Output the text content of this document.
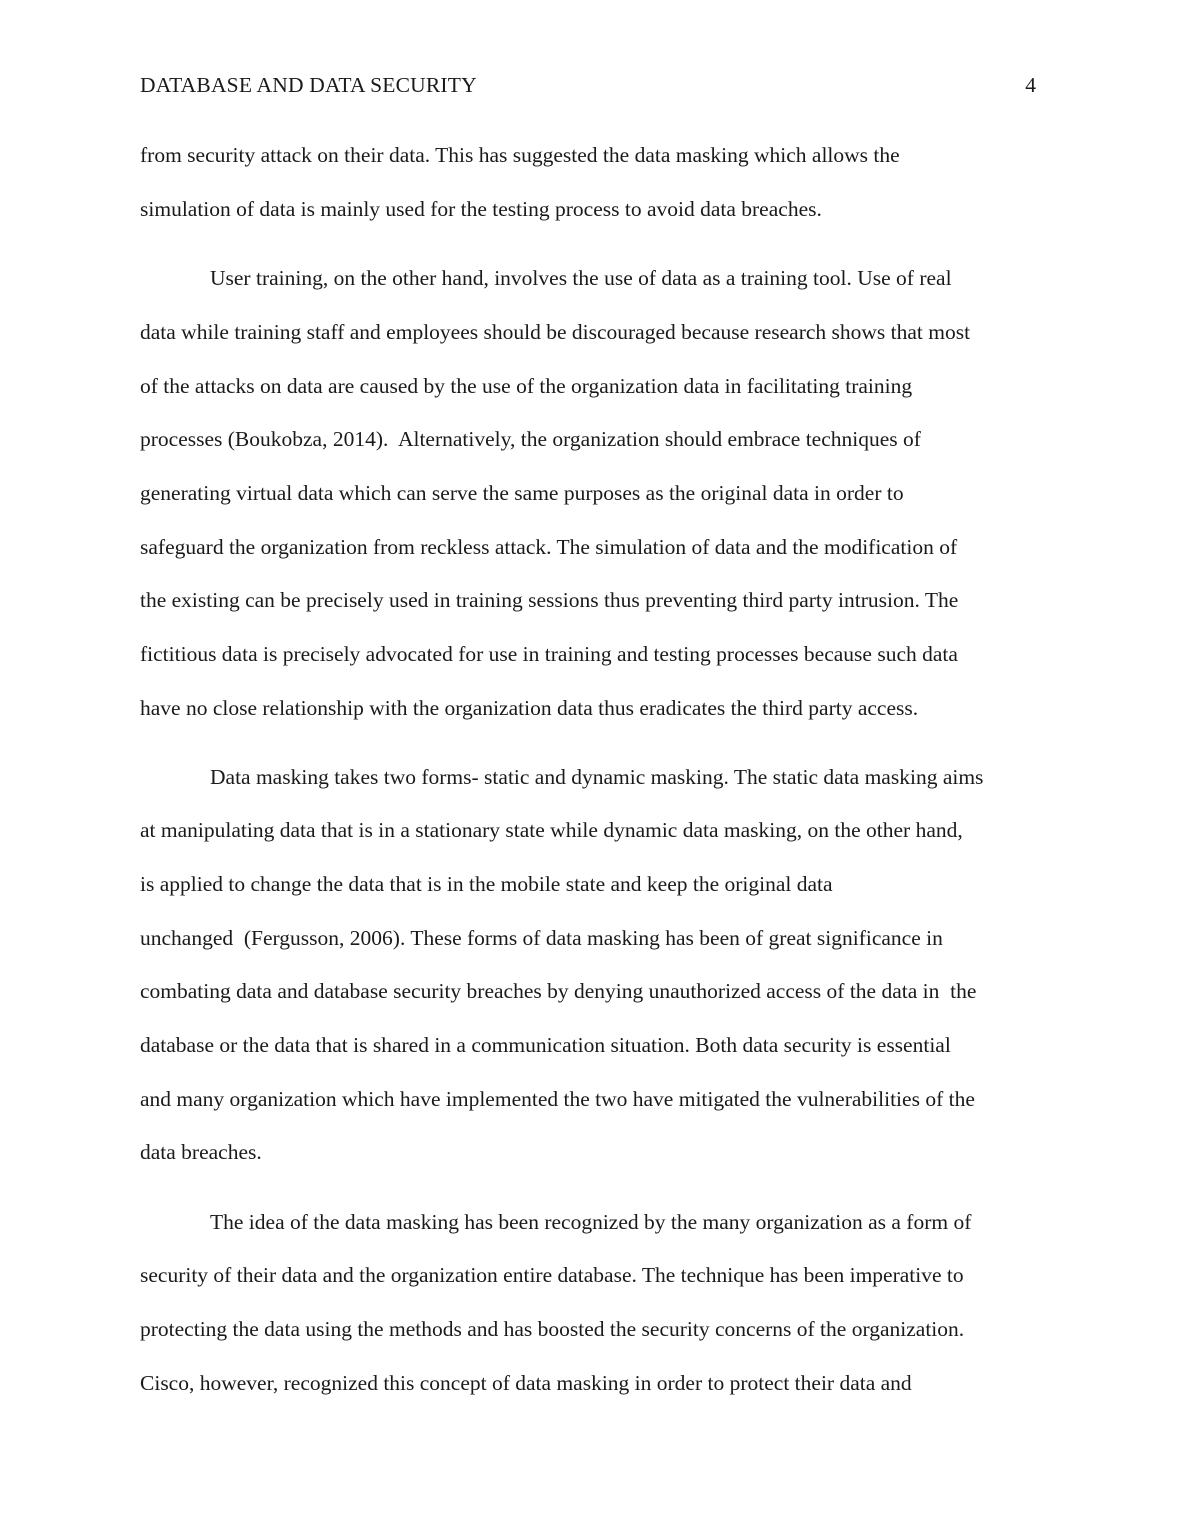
DATABASE AND DATA SECURITY	4
from security attack on their data. This has suggested the data masking which allows the
simulation of data is mainly used for the testing process to avoid data breaches.
User training, on the other hand, involves the use of data as a training tool. Use of real
data while training staff and employees should be discouraged because research shows that most
of the attacks on data are caused by the use of the organization data in facilitating training
processes (Boukobza, 2014).  Alternatively, the organization should embrace techniques of
generating virtual data which can serve the same purposes as the original data in order to
safeguard the organization from reckless attack. The simulation of data and the modification of
the existing can be precisely used in training sessions thus preventing third party intrusion. The
fictitious data is precisely advocated for use in training and testing processes because such data
have no close relationship with the organization data thus eradicates the third party access.
Data masking takes two forms- static and dynamic masking. The static data masking aims
at manipulating data that is in a stationary state while dynamic data masking, on the other hand,
is applied to change the data that is in the mobile state and keep the original data
unchanged  (Fergusson, 2006). These forms of data masking has been of great significance in
combating data and database security breaches by denying unauthorized access of the data in  the
database or the data that is shared in a communication situation. Both data security is essential
and many organization which have implemented the two have mitigated the vulnerabilities of the
data breaches.
The idea of the data masking has been recognized by the many organization as a form of
security of their data and the organization entire database. The technique has been imperative to
protecting the data using the methods and has boosted the security concerns of the organization.
Cisco, however, recognized this concept of data masking in order to protect their data and
